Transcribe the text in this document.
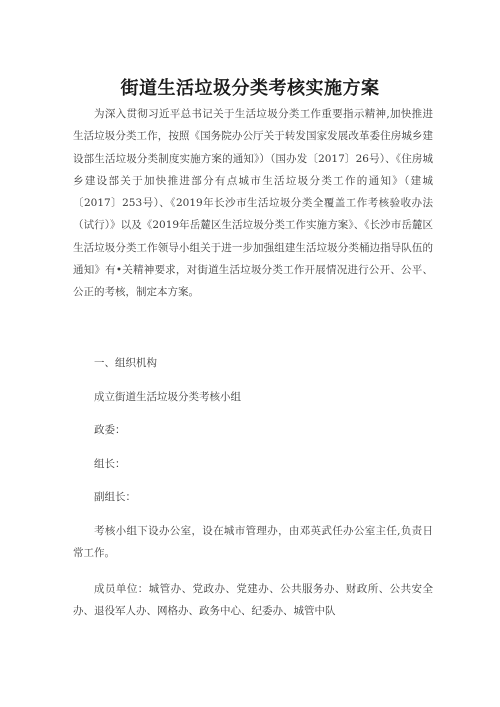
街道生活垃圾分类考核实施方案

为深入贯彻习近平总书记关于生活垃圾分类工作重要指示精神,加快推进生活垃圾分类工作，按照《国务院办公厅关于转发国家发展改革委住房城乡建设部生活垃圾分类制度实施方案的通知》）（国办发〔2017〕26号）、《住房城乡建设部关于加快推进部分有点城市生活垃圾分类工作的通知》（建城〔2017〕253号）、《2019年长沙市生活垃圾分类全覆盖工作考核验收办法（试行）》以及《2019年岳麓区生活垃圾分类工作实施方案》、《长沙市岳麓区生活垃圾分类工作领导小组关于进一步加强组建生活垃圾分类桶边指导队伍的通知》有•关精神要求，对街道生活垃圾分类工作开展情况进行公开、公平、公正的考核，制定本方案。

一、组织机构

成立街道生活垃圾分类考核小组

政委：

组长：

副组长：

考核小组下设办公室，设在城市管理办，由邓英武任办公室主任,负责日常工作。

成员单位：城管办、党政办、党建办、公共服务办、财政所、公共安全办、退役军人办、网格办、政务中心、纪委办、城管中队
